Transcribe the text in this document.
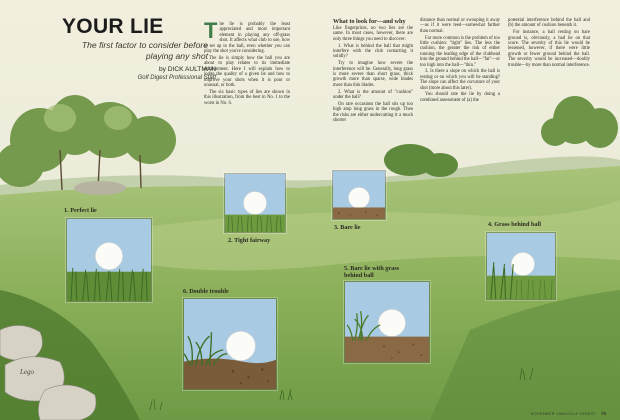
YOUR LIE
The first factor to consider before playing any shot
by DICK AULTMAN
Golf Digest Professional Staff
T he lie is probably the least appreciated and most important element in playing any off-grass shot. It affects what club to use, how to set up to the ball, even whether you can play the shot you're considering.

The lie is simply how the ball you are about to play relates to its immediate environment. Here I will explain how to judge the quality of a given lie and how to improve your shots when it is poor or unusual, or both.

The six basic types of lies are shown in this illustration, from the best in No. 1 to the worst in No. 6.

What to look for—and why

Like fingerprints, no two lies are the same. In most cases, however, there are only three things you need to discover:

1. What is behind the ball that might interfere with the club contacting it solidly?

Try to imagine how severe the interference will be. Generally, long grass is more severe than short grass, thick growth more than sparse, wide blades more than thin blades.

2. What is the amount of "cushion" under the ball?

On rare occasions the ball sits up too high atop long grass in the rough. Then the risks are either undercutting it a much shorter

distance than normal or swooping it away—as if it were teed—somewhat farther than normal.

Far more common is the problem of too little cushion: "tight" lies. The less the cushion, the greater the risk of either running the leading edge of the clubhead into the ground behind the ball—"fat"—or too high into the ball—"thin."

3. Is there a slope on which the ball is resting or on which you will be standing? The slope can affect the curvature of your shot (more about this later).

You should rate the lie by doing a combined assessment of (a) the

potential interference behind the ball and (b) the amount of cushion beneath it.

For instance, a ball resting on bare ground is, obviously, a bad lie on that score. The severity of this lie would be lessened, however, if there were little growth or fewer ground behind the ball. The severity would be increased—doubly trouble—by more than normal interference.

1. Perfect lie
2. Tight fairway
3. Bare lie	4. Grass behind ball
5. Bare lie with grass behind ball
6. Double trouble
Lego
NOVEMBER 1984/GOLF DIGEST 75
